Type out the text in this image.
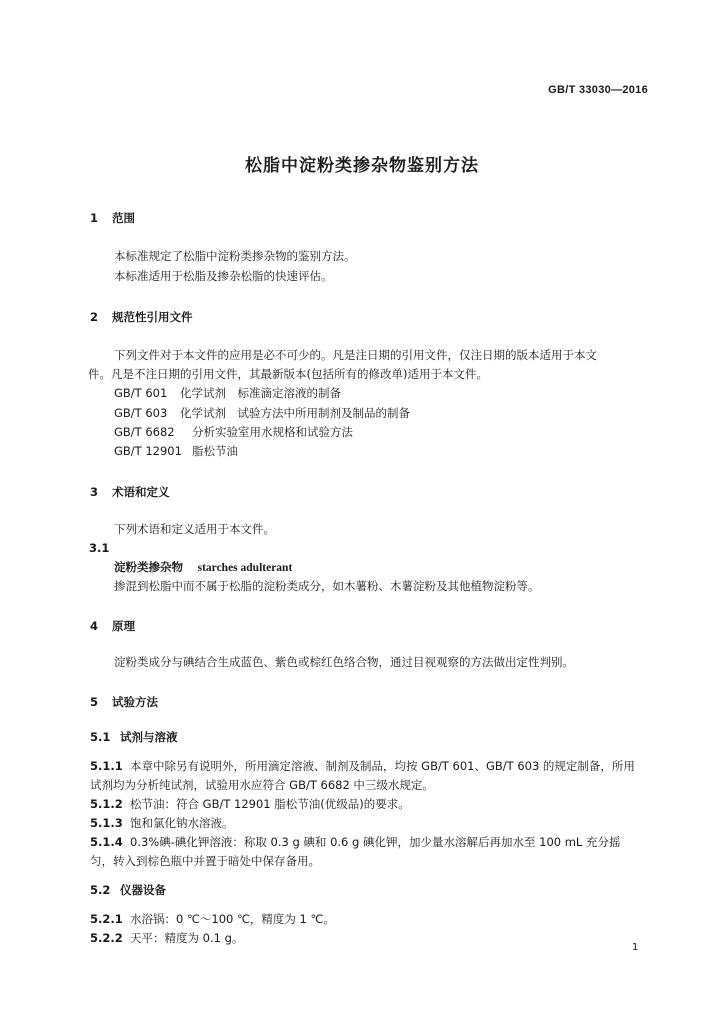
GB/T 33030—2016
松脂中淀粉类掺杂物鉴别方法
1 范围
本标准规定了松脂中淀粉类掺杂物的鉴别方法。
本标准适用于松脂及掺杂松脂的快速评估。
2 规范性引用文件
下列文件对于本文件的应用是必不可少的。凡是注日期的引用文件，仅注日期的版本适用于本文
件。凡是不注日期的引用文件，其最新版本(包括所有的修改单)适用于本文件。
GB/T 601 化学试剂　标准滴定溶液的制备
GB/T 603 化学试剂　试验方法中所用制剂及制品的制备
GB/T 6682 分析实验室用水规格和试验方法
GB/T 12901 脂松节油
3 术语和定义
下列术语和定义适用于本文件。
3.1
淀粉类掺杂物 starches adulterant
掺混到松脂中而不属于松脂的淀粉类成分，如木薯粉、木薯淀粉及其他植物淀粉等。
4 原理
淀粉类成分与碘结合生成蓝色、紫色或棕红色络合物，通过目视观察的方法做出定性判别。
5 试验方法
5.1 试剂与溶液
5.1.1 本章中除另有说明外，所用滴定溶液、制剂及制品，均按 GB/T 601、GB/T 603 的规定制备，所用
试剂均为分析纯试剂，试验用水应符合 GB/T 6682 中三级水规定。
5.1.2 松节油：符合 GB/T 12901 脂松节油(优级品)的要求。
5.1.3 饱和氯化钠水溶液。
5.1.4 0.3%碘-碘化钾溶液：称取 0.3 g 碘和 0.6 g 碘化钾，加少量水溶解后再加水至 100 mL 充分摇
匀，转入到棕色瓶中并置于暗处中保存备用。
5.2 仪器设备
5.2.1 水浴锅：0 ℃～100 ℃，精度为 1 ℃。
5.2.2 天平：精度为 0.1 g。
1
